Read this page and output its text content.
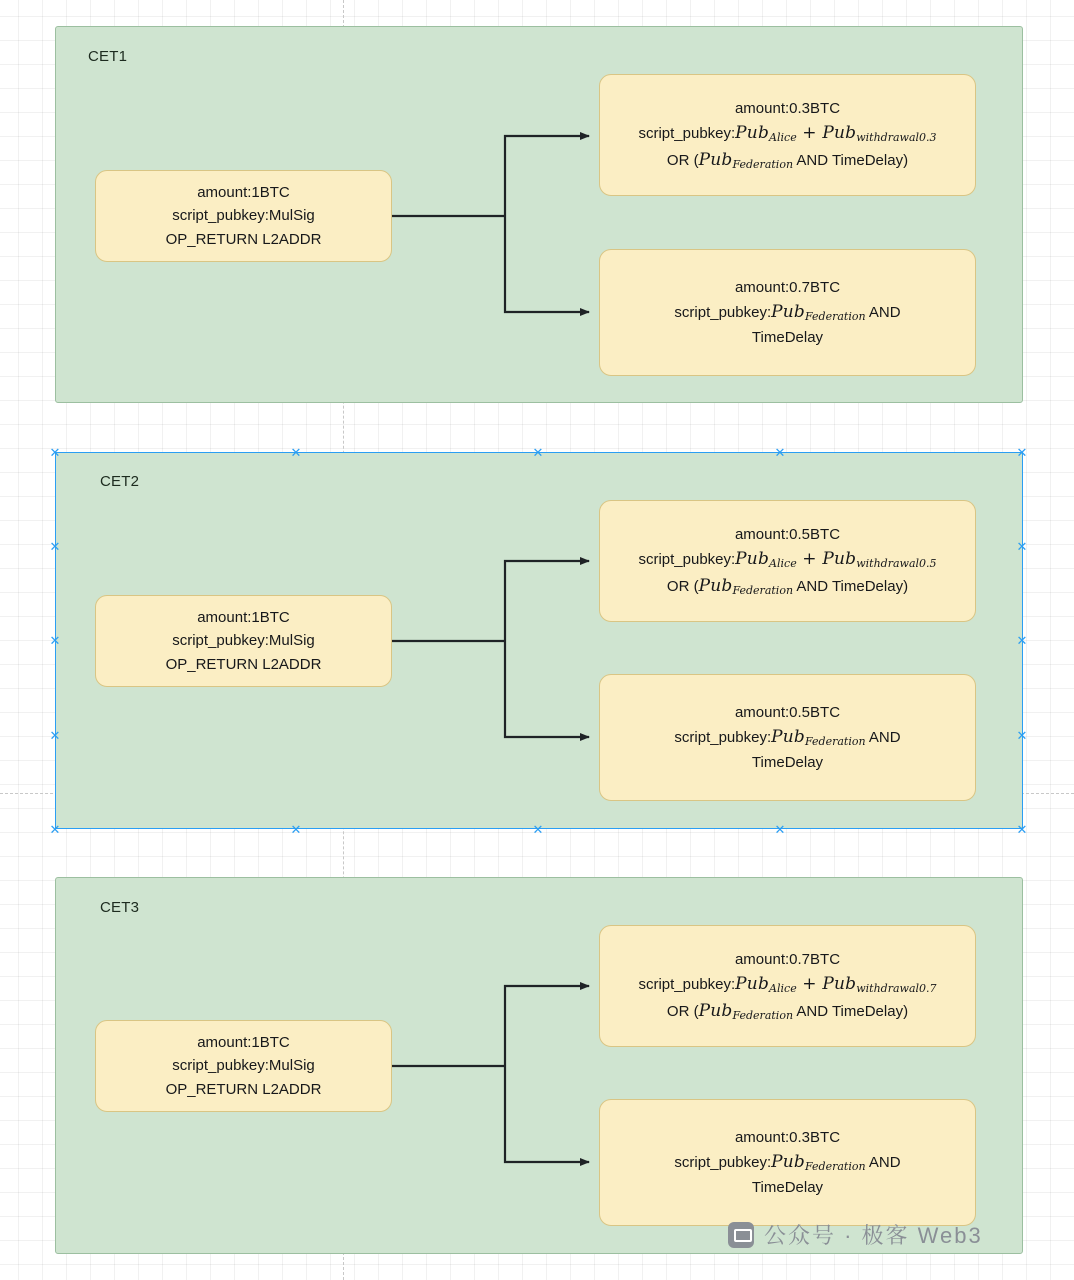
CET1
amount:1BTC
script_pubkey:MulSig
OP_RETURN L2ADDR
amount:0.3BTC
script_pubkey:Pub$_{Alice}$ + Pub$_{withdrawal0.3}$
OR (Pub$_{Federation}$ AND TimeDelay)
amount:0.7BTC
script_pubkey:Pub$_{Federation}$ AND
TimeDelay
CET2
amount:1BTC
script_pubkey:MulSig
OP_RETURN L2ADDR
amount:0.5BTC
script_pubkey:Pub$_{Alice}$ + Pub$_{withdrawal0.5}$
OR (Pub$_{Federation}$ AND TimeDelay)
amount:0.5BTC
script_pubkey:Pub$_{Federation}$ AND
TimeDelay
✕	✕	✕	✕	✕
✕	✕
✕	✕
✕	✕
✕	✕	✕	✕	✕
CET3
amount:1BTC
script_pubkey:MulSig
OP_RETURN L2ADDR
amount:0.7BTC
script_pubkey:Pub$_{Alice}$ + Pub$_{withdrawal0.7}$
OR (Pub$_{Federation}$ AND TimeDelay)
amount:0.3BTC
script_pubkey:Pub$_{Federation}$ AND
TimeDelay
公众号 · 极客 Web3
